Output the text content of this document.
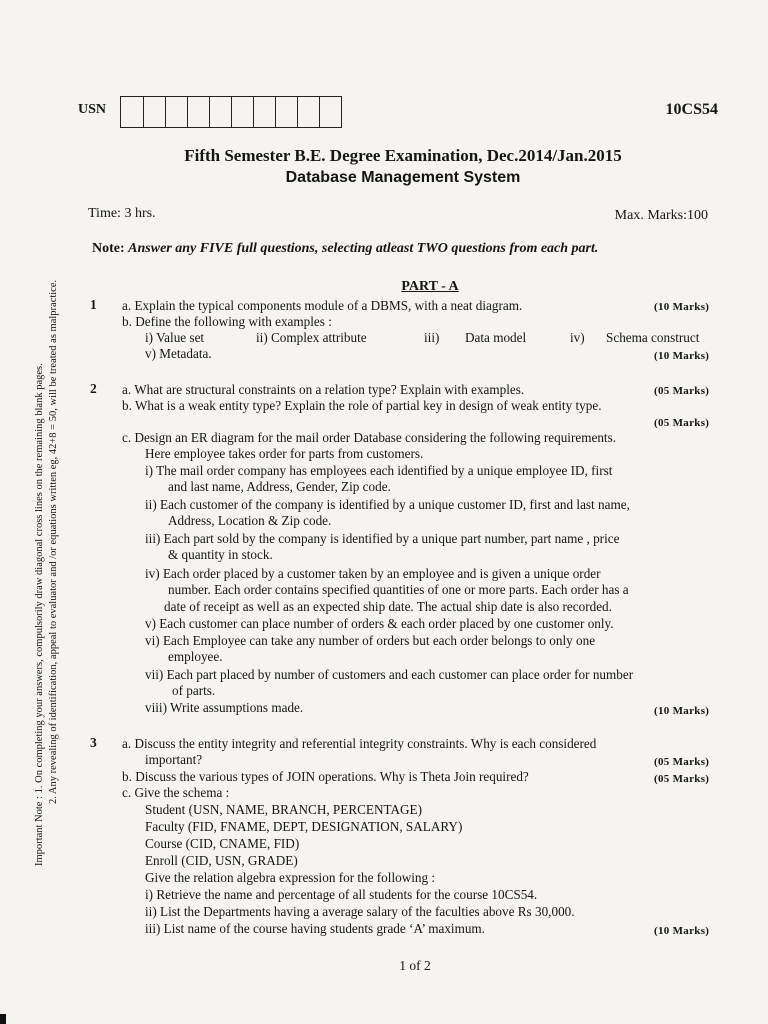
USN	10CS54
Fifth Semester B.E. Degree Examination, Dec.2014/Jan.2015
Database Management System
Time: 3 hrs.	Max. Marks:100
Note: Answer any FIVE full questions, selecting atleast TWO questions from each part.
Important Note : 1. On completing your answers, compulsorily draw diagonal cross lines on the remaining blank pages. 2. Any revealing of identification, appeal to evaluator and /or equations written eg, 42+8 = 50, will be treated as malpractice.	PART - A
1 a. Explain the typical components module of a DBMS, with a neat diagram.	(10 Marks)
b. Define the following with examples :
i) Value set	ii) Complex attribute	iii) Data model	iv) Schema construct
v) Metadata.	(10 Marks)
2 a. What are structural constraints on a relation type? Explain with examples.	(05 Marks)
b. What is a weak entity type? Explain the role of partial key in design of weak entity type.
(05 Marks)
c. Design an ER diagram for the mail order Database considering the following requirements.
Here employee takes order for parts from customers.
i) The mail order company has employees each identified by a unique employee ID, first
and last name, Address, Gender, Zip code.
ii) Each customer of the company is identified by a unique customer ID, first and last name,
Address, Location & Zip code.
iii) Each part sold by the company is identified by a unique part number, part name , price
& quantity in stock.
iv) Each order placed by a customer taken by an employee and is given a unique order
number. Each order contains specified quantities of one or more parts. Each order has a
date of receipt as well as an expected ship date. The actual ship date is also recorded.
v) Each customer can place number of orders & each order placed by one customer only.
vi) Each Employee can take any number of orders but each order belongs to only one
employee.
vii) Each part placed by number of customers and each customer can place order for number
of parts.
viii) Write assumptions made.	(10 Marks)
3 a. Discuss the entity integrity and referential integrity constraints. Why is each considered
important?	(05 Marks)
b. Discuss the various types of JOIN operations. Why is Theta Join required?	(05 Marks)
c. Give the schema :
Student (USN, NAME, BRANCH, PERCENTAGE)
Faculty (FID, FNAME, DEPT, DESIGNATION, SALARY)
Course (CID, CNAME, FID)
Enroll (CID, USN, GRADE)
Give the relation algebra expression for the following :
i) Retrieve the name and percentage of all students for the course 10CS54.
ii) List the Departments having a average salary of the faculties above Rs 30,000.
iii) List name of the course having students grade ‘A’ maximum.	(10 Marks)
1 of 2
